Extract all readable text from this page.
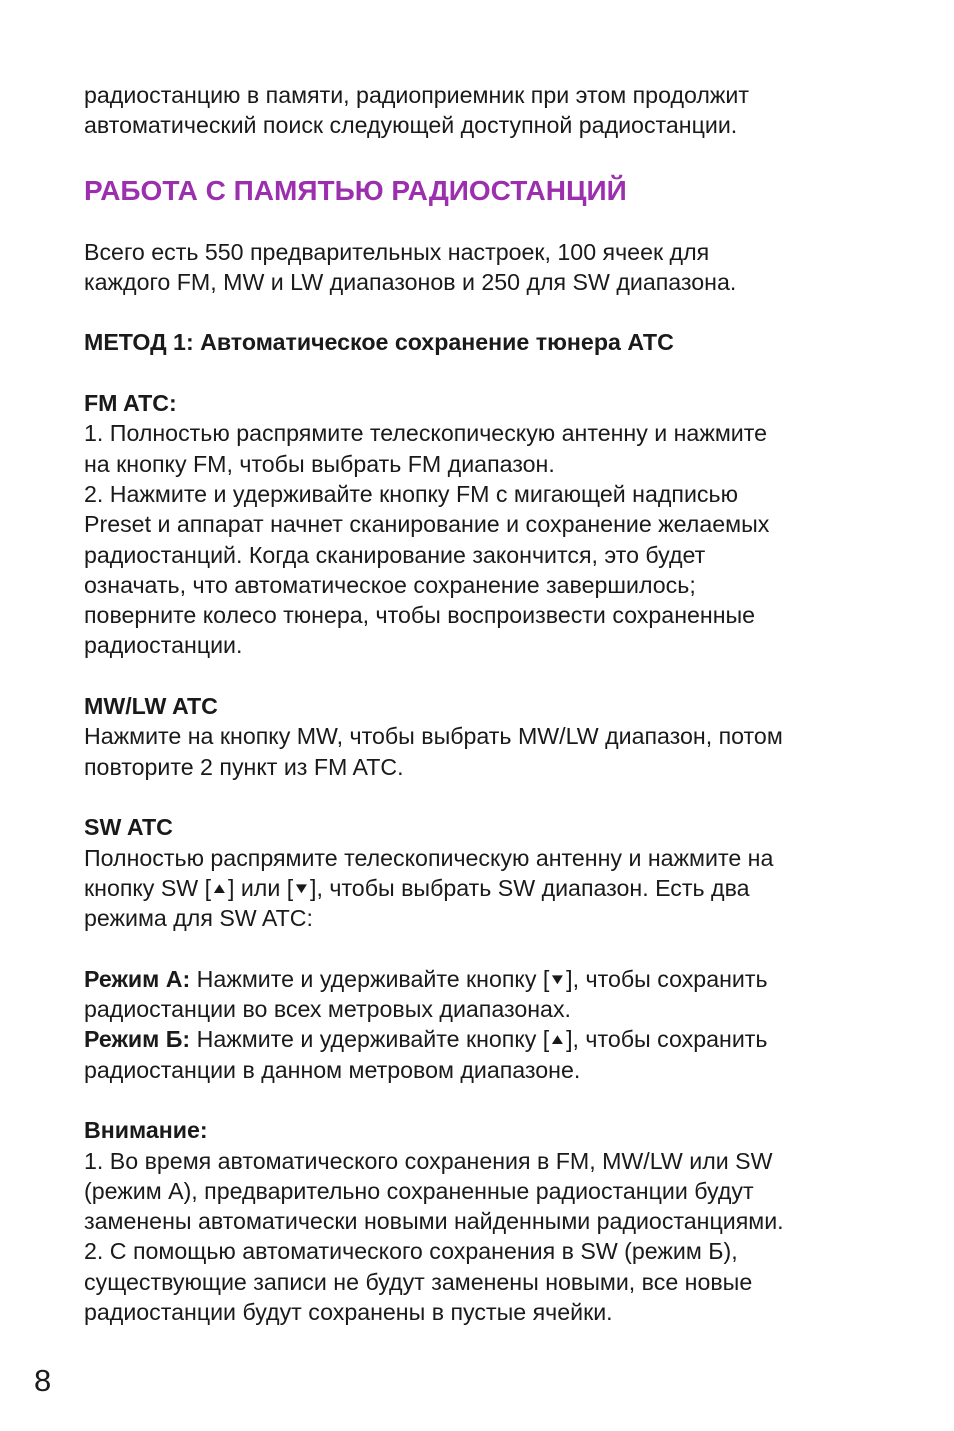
радиостанцию в памяти, радиоприемник при этом продолжит

автоматический поиск следующей доступной радиостанции.

РАБОТА С ПАМЯТЬЮ РАДИОСТАНЦИЙ

Всего есть 550 предварительных настроек, 100 ячеек для

каждого FM, MW и LW диапазонов и 250 для SW диапазона.

МЕТОД 1: Автоматическое сохранение тюнера АТС

FM ATC:

1. Полностью распрямите телескопическую антенну и нажмите

на кнопку FM, чтобы выбрать FM диапазон.

2. Нажмите и удерживайте кнопку FM с мигающей надписью

Preset и аппарат начнет сканирование и сохранение желаемых

радиостанций. Когда сканирование закончится, это будет

означать, что автоматическое сохранение завершилось;

поверните колесо тюнера, чтобы воспроизвести сохраненные

радиостанции.

MW/LW ATC

Нажмите на кнопку MW, чтобы выбрать MW/LW диапазон, потом

повторите 2 пункт из FM ATC.

SW ATC

Полностью распрямите телескопическую антенну и нажмите на

кнопку SW [▲] или [▼], чтобы выбрать SW диапазон. Есть два

режима для SW ATC:

Режим А: Нажмите и удерживайте кнопку [▼], чтобы сохранить

радиостанции во всех метровых диапазонах.

Режим Б: Нажмите и удерживайте кнопку [▲], чтобы сохранить

радиостанции в данном метровом диапазоне.

Внимание:

1. Во время автоматического сохранения в FM, MW/LW или SW

(режим А), предварительно сохраненные радиостанции будут

заменены автоматически новыми найденными радиостанциями.

2. С помощью автоматического сохранения в SW (режим Б),

существующие записи не будут заменены новыми, все новые

радиостанции будут сохранены в пустые ячейки.

8
